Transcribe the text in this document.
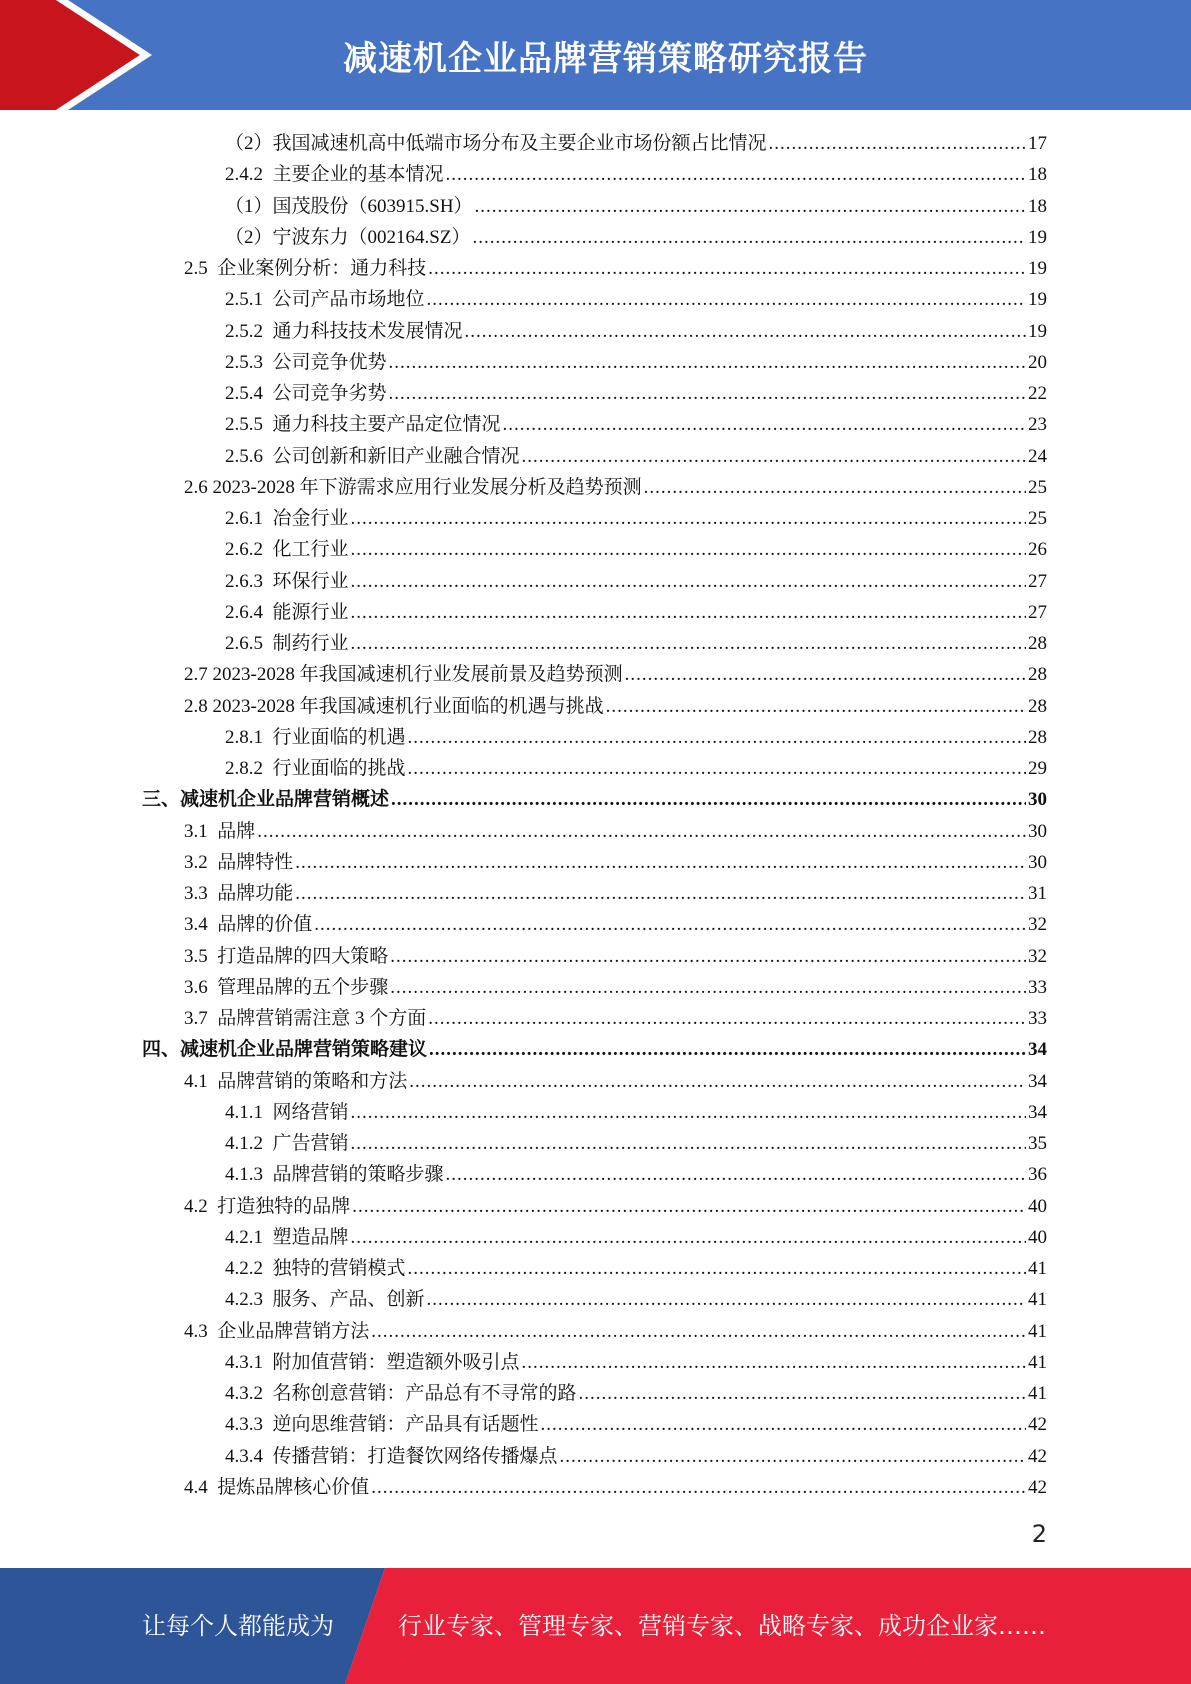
减速机企业品牌营销策略研究报告
（2）我国减速机高中低端市场分布及主要企业市场份额占比情况 .....	17
2.4.2  主要企业的基本情况 .....	18
（1）国茂股份（603915.SH） .....	18
（2）宁波东力（002164.SZ） .....	19
2.5  企业案例分析：通力科技 .....	19
2.5.1  公司产品市场地位 .....	19
2.5.2  通力科技技术发展情况 .....	19
2.5.3  公司竞争优势 .....	20
2.5.4  公司竞争劣势 .....	22
2.5.5  通力科技主要产品定位情况 .....	23
2.5.6  公司创新和新旧产业融合情况 .....	24
2.6 2023-2028 年下游需求应用行业发展分析及趋势预测 .....	25
2.6.1  冶金行业 .....	25
2.6.2  化工行业 .....	26
2.6.3  环保行业 .....	27
2.6.4  能源行业 .....	27
2.6.5  制药行业 .....	28
2.7 2023-2028 年我国减速机行业发展前景及趋势预测 .....	28
2.8 2023-2028 年我国减速机行业面临的机遇与挑战 .....	28
2.8.1  行业面临的机遇 .....	28
2.8.2  行业面临的挑战 .....	29
三、减速机企业品牌营销概述 .....	30
3.1  品牌 .....	30
3.2  品牌特性 .....	30
3.3  品牌功能 .....	31
3.4  品牌的价值 .....	32
3.5  打造品牌的四大策略 .....	32
3.6  管理品牌的五个步骤 .....	33
3.7  品牌营销需注意 3 个方面 .....	33
四、减速机企业品牌营销策略建议 .....	34
4.1  品牌营销的策略和方法 .....	34
4.1.1  网络营销 .....	34
4.1.2  广告营销 .....	35
4.1.3  品牌营销的策略步骤 .....	36
4.2  打造独特的品牌 .....	40
4.2.1  塑造品牌 .....	40
4.2.2  独特的营销模式 .....	41
4.2.3  服务、产品、创新 .....	41
4.3  企业品牌营销方法 .....	41
4.3.1  附加值营销：塑造额外吸引点 .....	41
4.3.2  名称创意营销：产品总有不寻常的路 .....	41
4.3.3  逆向思维营销：产品具有话题性 .....	42
4.3.4  传播营销：打造餐饮网络传播爆点 .....	42
4.4  提炼品牌核心价值 .....	42
2
让每个人都能成为	行业专家、管理专家、营销专家、战略专家、成功企业家……
